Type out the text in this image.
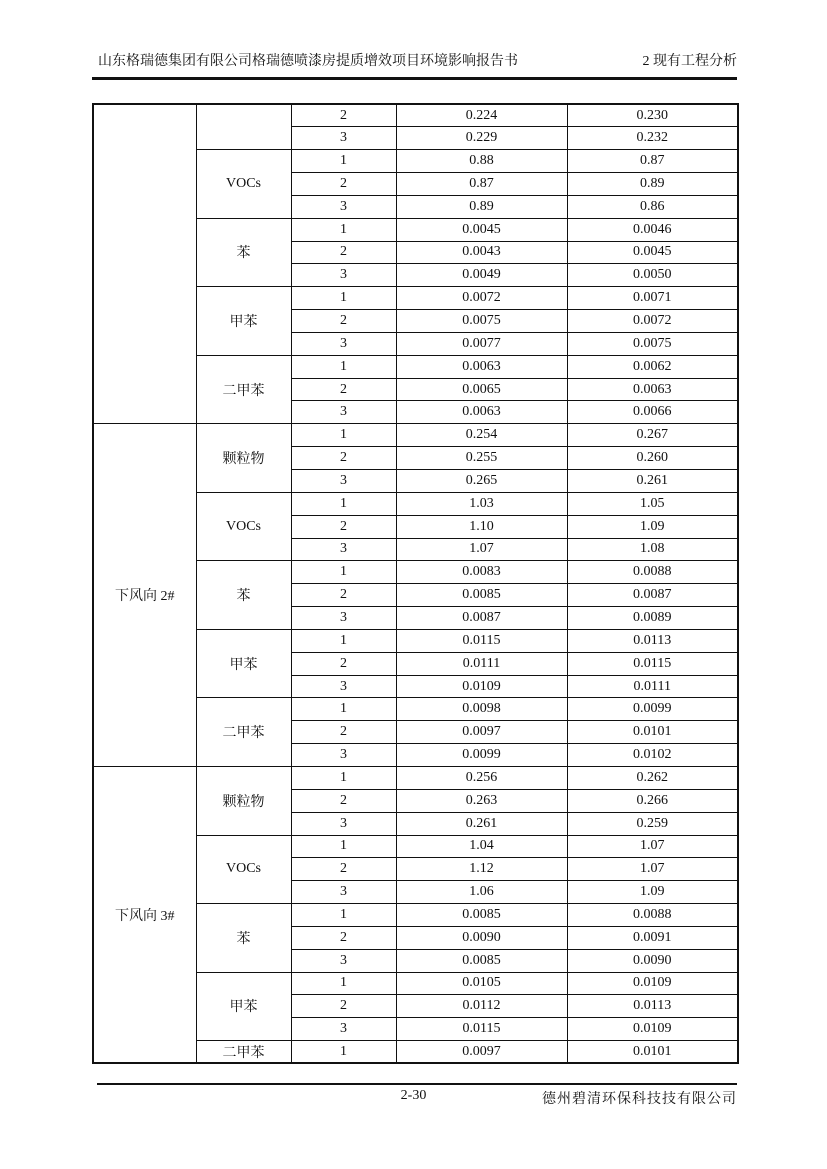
山东格瑞德集团有限公司格瑞德喷漆房提质增效项目环境影响报告书	2 现有工程分析
		2	0.224	0.230
		3	0.229	0.232
	VOCs	1	0.88	0.87
		2	0.87	0.89
		3	0.89	0.86
	苯	1	0.0045	0.0046
		2	0.0043	0.0045
		3	0.0049	0.0050
	甲苯	1	0.0072	0.0071
		2	0.0075	0.0072
		3	0.0077	0.0075
	二甲苯	1	0.0063	0.0062
		2	0.0065	0.0063
		3	0.0063	0.0066
下风向 2#	颗粒物	1	0.254	0.267
		2	0.255	0.260
		3	0.265	0.261
	VOCs	1	1.03	1.05
		2	1.10	1.09
		3	1.07	1.08
	苯	1	0.0083	0.0088
		2	0.0085	0.0087
		3	0.0087	0.0089
	甲苯	1	0.0115	0.0113
		2	0.0111	0.0115
		3	0.0109	0.0111
	二甲苯	1	0.0098	0.0099
		2	0.0097	0.0101
		3	0.0099	0.0102
下风向 3#	颗粒物	1	0.256	0.262
		2	0.263	0.266
		3	0.261	0.259
	VOCs	1	1.04	1.07
		2	1.12	1.07
		3	1.06	1.09
	苯	1	0.0085	0.0088
		2	0.0090	0.0091
		3	0.0085	0.0090
	甲苯	1	0.0105	0.0109
		2	0.0112	0.0113
		3	0.0115	0.0109
	二甲苯	1	0.0097	0.0101
2-30	德州碧清环保科技技有限公司
